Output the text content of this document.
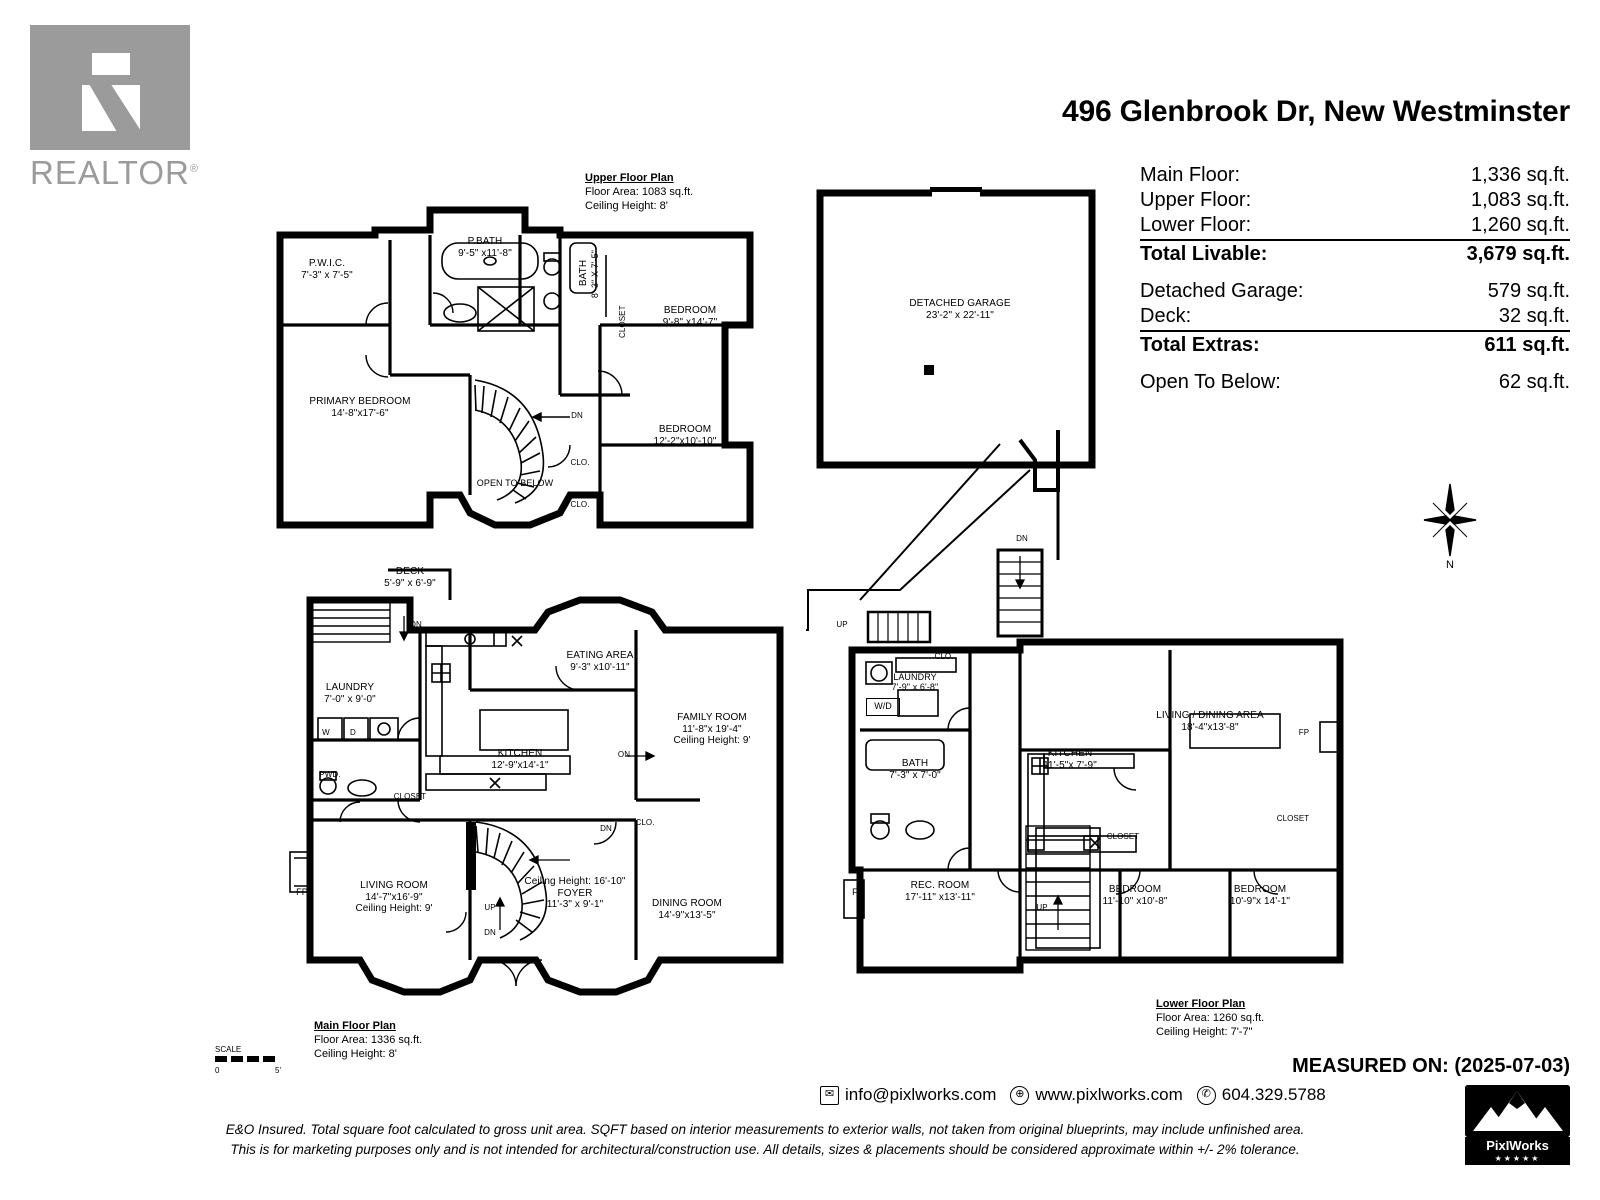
REALTOR®
496 Glenbrook Dr, New Westminster
Main Floor:	1,336 sq.ft.
Upper Floor:	1,083 sq.ft.
Lower Floor:	1,260 sq.ft.
Total Livable:	3,679 sq.ft.
Detached Garage:	579 sq.ft.
Deck:	32 sq.ft.
Total Extras:	611 sq.ft.
Open To Below:	62 sq.ft.
Upper Floor Plan
Floor Area: 1083 sq.ft.
Ceiling Height: 8'
P.W.I.C.
7'-3" x 7'-5"
P.BATH
9'-5" x11'-8"
BATH 8'-3" X 7'-5"
CLOSET	BEDROOM
9'-8" x14'-7"
PRIMARY BEDROOM
14'-8"x17'-6"
BEDROOM
12'-2"x10'-10"
OPEN TO BELOW
CLO.
CLO.
DN
DETACHED GARAGE
23'-2" x 22'-11"
Main Floor Plan
Floor Area: 1336 sq.ft.
Ceiling Height: 8'
DECK
5'-9" x 6'-9"
LAUNDRY
7'-0" x 9'-0"
W	D
EATING AREA
9'-3" x10'-11"
FAMILY ROOM
11'-8"x 19'-4"
Ceiling Height: 9'
KITCHEN
12'-9"x14'-1"
PWD.
CLOSET
LIVING ROOM
14'-7"x16'-9"
Ceiling Height: 9'
FP
Ceiling Height: 16'-10"
FOYER
11'-3" x 9'-1"	DINING ROOM
14'-9"x13'-5"
CLO.
DN
DN
UP
DN
ON
Lower Floor Plan
Floor Area: 1260 sq.ft.
Ceiling Height: 7'-7"
LAUNDRY
7'-9" x 6'-8"
W/D
CLO.
BATH
7'-3" x 7'-0"
KITCHEN
11'-5"x 7'-9"
LIVING / DINING AREA
18'-4"x13'-8"	FP
REC. ROOM
17'-11" x13'-11"
FP	BEDROOM
11'-10" x10'-8"
BEDROOM
10'-9"x 14'-1"
CLOSET
CLOSET
UP
UP
DN
N
SCALE
0	5'	MEASURED ON: (2025-07-03)
✉ info@pixlworks.com	⊕ www.pixlworks.com	✆ 604.329.5788
PixIWorks
★★★★★
E&O Insured. Total square foot calculated to gross unit area. SQFT based on interior measurements to exterior walls, not taken from original blueprints, may include unfinished area.
This is for marketing purposes only and is not intended for architectural/construction use. All details, sizes & placements should be considered approximate within +/- 2% tolerance.
